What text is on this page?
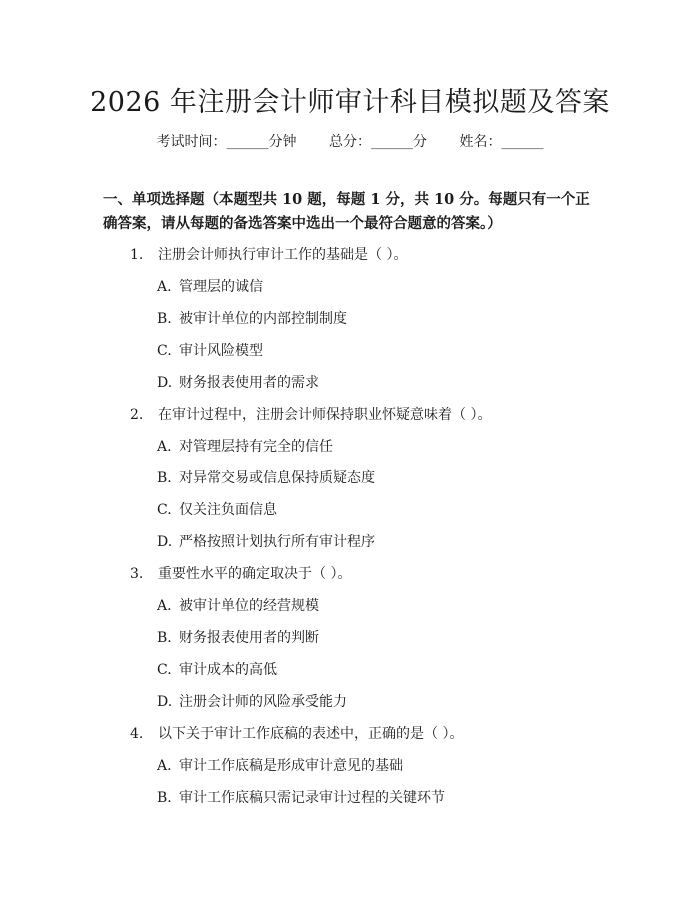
2026 年注册会计师审计科目模拟题及答案
考试时间：______分钟 总分：______分 姓名：______
一、单项选择题（本题型共 10 题，每题 1 分，共 10 分。每题只有一个正确答案，请从每题的备选答案中选出一个最符合题意的答案。）
1. 注册会计师执行审计工作的基础是（ ）。
A. 管理层的诚信
B. 被审计单位的内部控制制度
C. 审计风险模型
D. 财务报表使用者的需求
2. 在审计过程中，注册会计师保持职业怀疑意味着（ ）。
A. 对管理层持有完全的信任
B. 对异常交易或信息保持质疑态度
C. 仅关注负面信息
D. 严格按照计划执行所有审计程序
3. 重要性水平的确定取决于（ ）。
A. 被审计单位的经营规模
B. 财务报表使用者的判断
C. 审计成本的高低
D. 注册会计师的风险承受能力
4. 以下关于审计工作底稿的表述中，正确的是（ ）。
A. 审计工作底稿是形成审计意见的基础
B. 审计工作底稿只需记录审计过程的关键环节
